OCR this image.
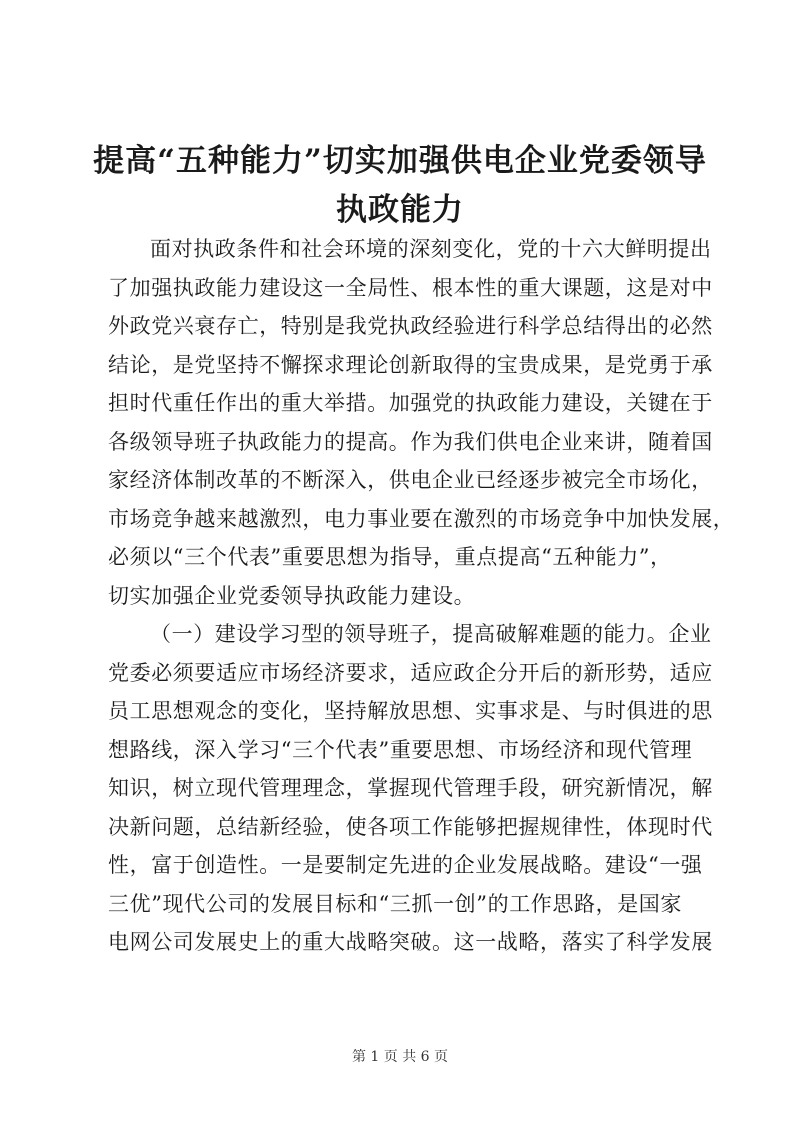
提高“五种能力”切实加强供电企业党委领导
执政能力
面对执政条件和社会环境的深刻变化，党的十六大鲜明提出
了加强执政能力建设这一全局性、根本性的重大课题，这是对中
外政党兴衰存亡，特别是我党执政经验进行科学总结得出的必然
结论，是党坚持不懈探求理论创新取得的宝贵成果，是党勇于承
担时代重任作出的重大举措。加强党的执政能力建设，关键在于
各级领导班子执政能力的提高。作为我们供电企业来讲，随着国
家经济体制改革的不断深入，供电企业已经逐步被完全市场化，
市场竞争越来越激烈，电力事业要在激烈的市场竞争中加快发展，
必须以“三个代表”重要思想为指导，重点提高“五种能力”，
切实加强企业党委领导执政能力建设。
（一）建设学习型的领导班子，提高破解难题的能力。企业
党委必须要适应市场经济要求，适应政企分开后的新形势，适应
员工思想观念的变化，坚持解放思想、实事求是、与时俱进的思
想路线，深入学习“三个代表”重要思想、市场经济和现代管理
知识，树立现代管理理念，掌握现代管理手段，研究新情况，解
决新问题，总结新经验，使各项工作能够把握规律性，体现时代
性，富于创造性。一是要制定先进的企业发展战略。建设“一强
三优”现代公司的发展目标和“三抓一创”的工作思路，是国家
电网公司发展史上的重大战略突破。这一战略，落实了科学发展
第 1 页 共 6 页
